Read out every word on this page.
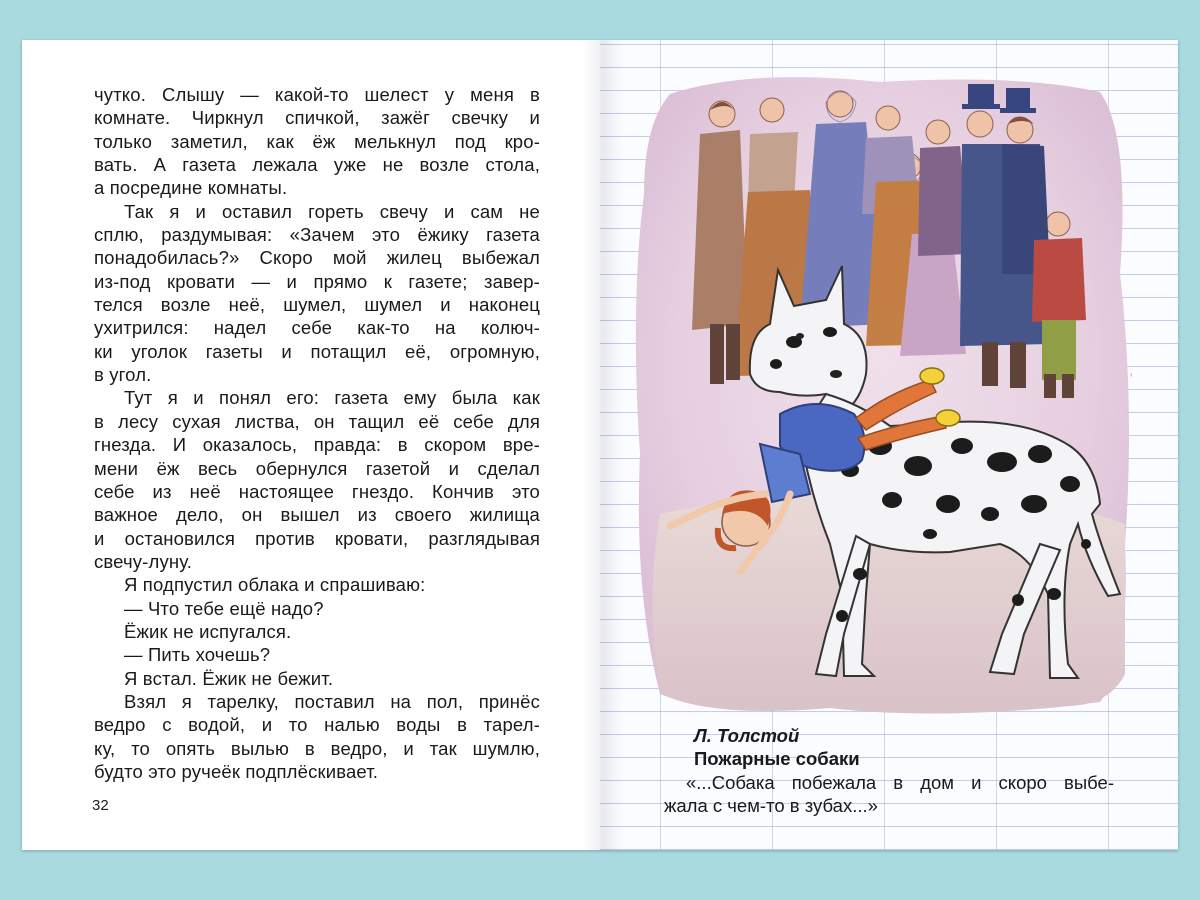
чутко. Слышу — какой-то шелест у меня в
комнате. Чиркнул спичкой, зажёг свечку и
только заметил, как ёж мелькнул под кро-
вать. А газета лежала уже не возле стола,
а посредине комнаты.
Так я и оставил гореть свечу и сам не
сплю, раздумывая: «Зачем это ёжику газета
понадобилась?» Скоро мой жилец выбежал
из-под кровати — и прямо к газете; завер-
телся возле неё, шумел, шумел и наконец
ухитрился: надел себе как-то на колюч-
ки уголок газеты и потащил её, огромную,
в угол.
Тут я и понял его: газета ему была как
в лесу сухая листва, он тащил её себе для
гнезда. И оказалось, правда: в скором вре-
мени ёж весь обернулся газетой и сделал
себе из неё настоящее гнездо. Кончив это
важное дело, он вышел из своего жилища
и остановился против кровати, разглядывая
свечу-луну.
Я подпустил облака и спрашиваю:
— Что тебе ещё надо?
Ёжик не испугался.
— Пить хочешь?
Я встал. Ёжик не бежит.
Взял я тарелку, поставил на пол, принёс
ведро с водой, и то налью воды в тарел-
ку, то опять вылью в ведро, и так шумлю,
будто это ручеёк подплёскивает.
32
Л. Толстой
Пожарные собаки
«...Собака побежала в дом и скоро выбе-
жала с чем-то в зубах...»
